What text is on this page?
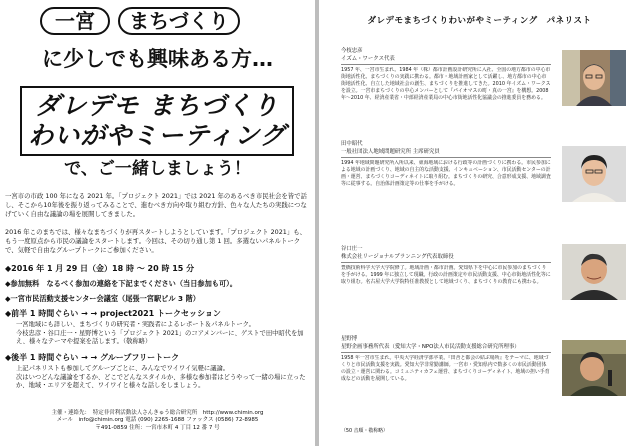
一宮	まちづくり
に少しでも興味ある方…
ダレデモ まちづくり
わいがやミーティング
で、ご一緒しましょう！
一宮市の市政 100 年になる 2021 年。「プロジェクト 2021」では 2021 年のあるべき市民社会を皆で話し、そこから10年後を振り返ってみることで、進むべき方向や取り組む方針、色々な人たちの実践につなげていく自由な議論の場を展開してきました。
2016 年このまちでは、様々なまちづくりが再スタートしようとしています。「プロジェクト 2021」も、もう一度原点から市民の議論をスタートします。今回は、その切り通し第 1 回。多選ないパネルトークで、気軽で自由なグループトークにご参加ください。
◆2016 年 1 月 29 日（金）18 時 ～ 20 時 15 分
◆参加無料　なるべく参加の連絡を下記までください（当日参加も可）。
◆一宮市民活動支援センター会議室（尾張一宮駅ビル 3 階）
◆前半 1 時間ぐらい → → project2021 トークセッション
一宮地域にも詳しい、まちづくりの研究者・実践者によるレポート＆パネルトーク。
今枝忠彦・谷口庄一・星野博という「プロジェクト 2021」のコアメンバーに、ゲストで田中昭代を加え、様々なテーマや提案を話します。（敬称略）
◆後半 1 時間ぐらい → → グループフリートーク
上記パネリストも参加してグループごとに、みんなでワイワイ気軽に議論。
次はいつどんな議論をするか、どこでどんなスタイルか、多様な参加者はどうやって一緒の場に立ったか、地域・エリアを超えて、ワイワイと様々な話しをしましょう。
主催・連絡先：　特定非営利活動法人さんきゅう総合研究所　http://www.chimin.org
メール　info@chimin.org 電話 (090) 2265-1688 ファックス (0586) 72-8985
〒491-0859 住所：一宮市本町 4 丁目 12 番 7 号
ダレデモまちづくりわいがやミーティング　パネリスト
今枝忠彦
イズム・ワークス代表
1957 年、一宮市生まれ。1984 年（株）都市計画設計研究所に入社、全国の地方都市の中心市街地活性化、まちづくりの実践に携わる。都市・地域計画家として活躍し、地方都市の中心市街地活性化、自立した地域社会の創生、まちづくりを推進してきた。2010 年イズム・ワークスを設立。一宮市まちづくりの中心メンバーとして『パイオマスの町・真の一宮』を構想。2008 年〜2010 年、経済産業省・中部経済産業局の中心市街地活性化協議会の推進委員を務める。
田中昭代
一般社団法人地域問題研究所 主席研究員
1994 年地域問題研究所入所以来、東海地域における行政等の計画づくりに携わる。市民参加による地域の計画づくり、地域の自主的な活動支援、インキュベーション、市民活動センターの計画・運営、まちづくりコーディネイトに取り組む。まちづくりの研究、合意形成支援、地域調査等に従事する。自治体計画策定等の仕事を手がける。
谷口庄一
株式会社リージョナルプランニング代表取締役
豊橋技術科学大学大学院修了。地域計画・都市計画。愛知県下を中心に市民参加のまちづくりを手がける。1999 年に独立して現職。行政の計画策定や市民活動支援、中心市街地活性化等に取り組む。名古屋大学大学院特任准教授として地域づくり、まちづくりの教育にも携わる。
星野博
星野企画事務所代表（愛知大学・NPO法人市民活動支援総合研究所理事）
1958 年一宮市生まれ。中央大学経済学部卒業。『田舎と都会の結ぶ場所』をテーマに、地域づくりと市民活動支援を実践。愛知大学非常勤講師。一宮市・愛知県内で数多くの市民活動団体の設立・運営に関わる。コミュニティカフェ運営、まちづくりコーディネイト、地域の担い手育成などの活動を展開している。
（50 音順・敬称略）
